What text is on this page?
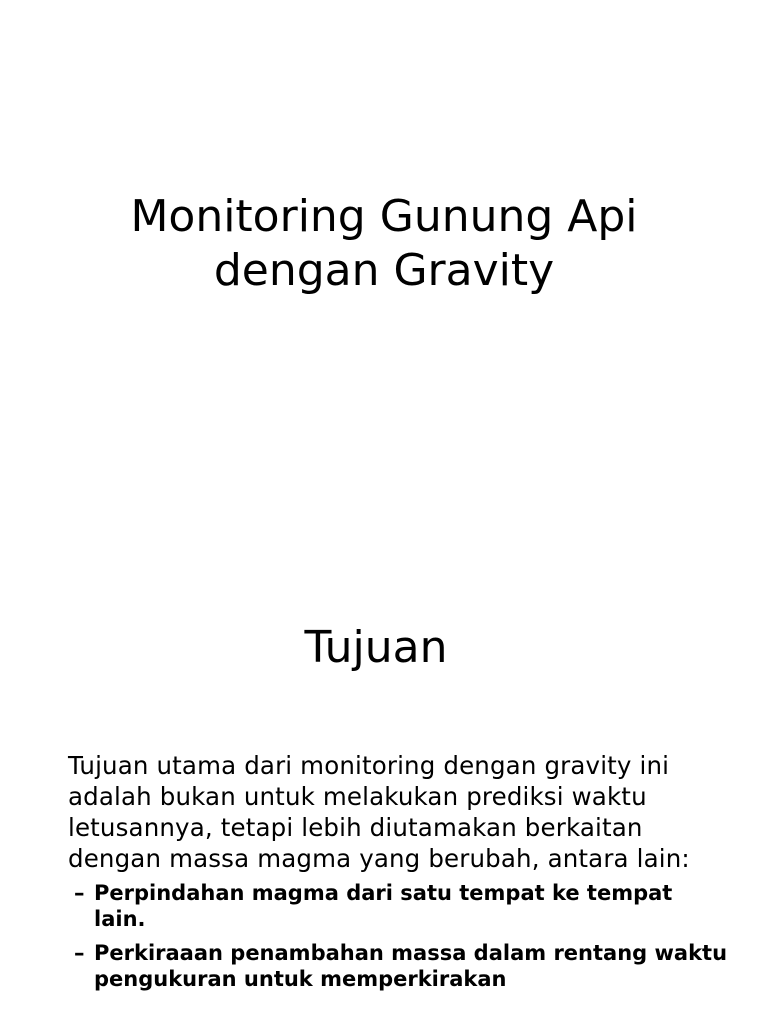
Monitoring Gunung Api
dengan Gravity
Tujuan

Tujuan utama dari monitoring dengan gravity ini adalah bukan untuk melakukan prediksi waktu letusannya, tetapi lebih diutamakan berkaitan dengan massa magma yang berubah, antara lain:

– Perpindahan magma dari satu tempat ke tempat lain.
– Perkiraaan penambahan massa dalam rentang waktu pengukuran untuk memperkirakan
